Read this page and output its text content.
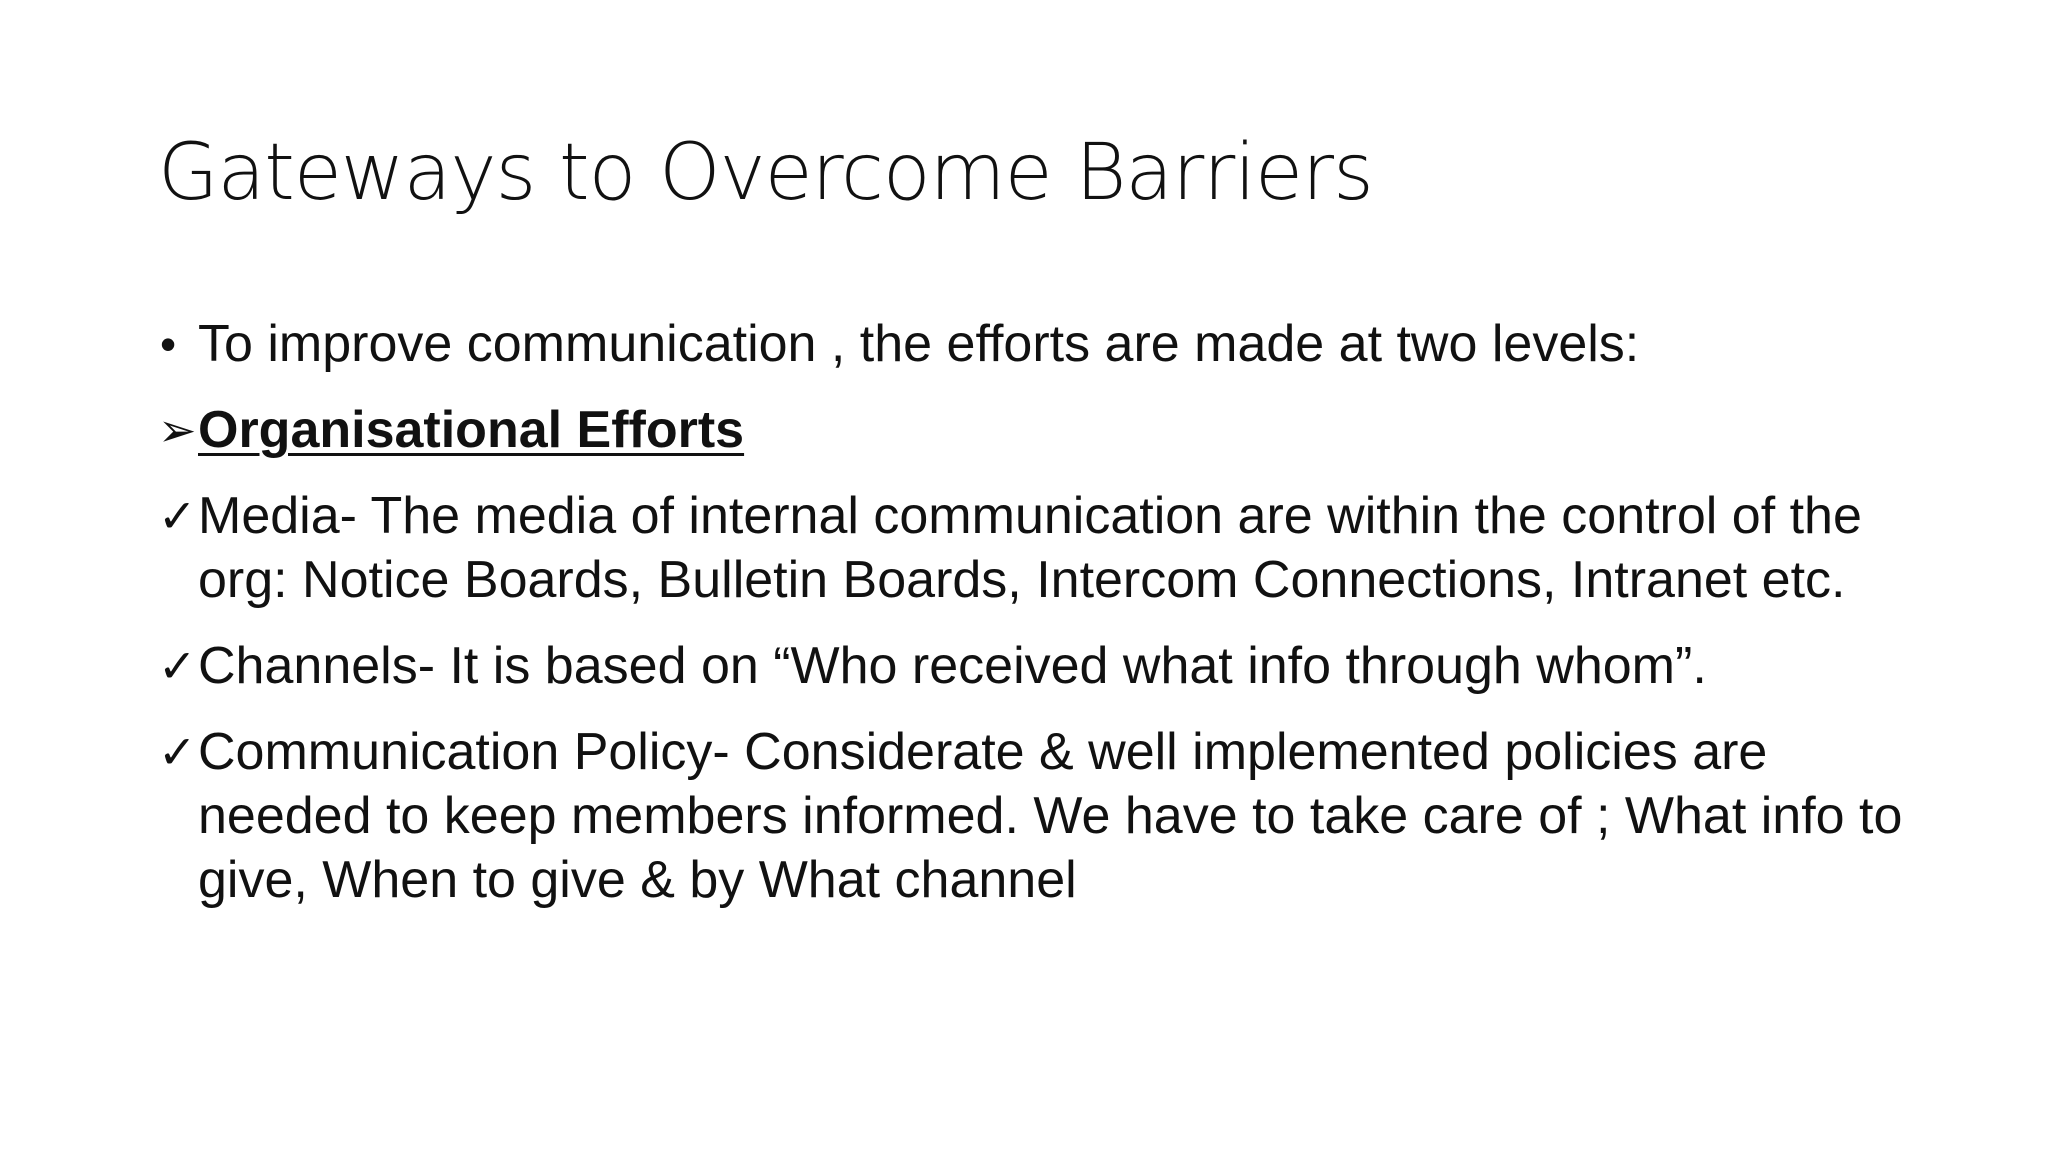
Gateways to Overcome Barriers
• To improve communication , the efforts are made at two levels:
➢ Organisational Efforts
✓ Media- The media of internal communication are within the control of the org: Notice Boards, Bulletin Boards, Intercom Connections, Intranet etc.
✓ Channels- It is based on “Who received what info through whom”.
✓ Communication Policy- Considerate & well implemented policies are needed to keep members informed. We have to take care of ; What info to give, When to give & by What channel
